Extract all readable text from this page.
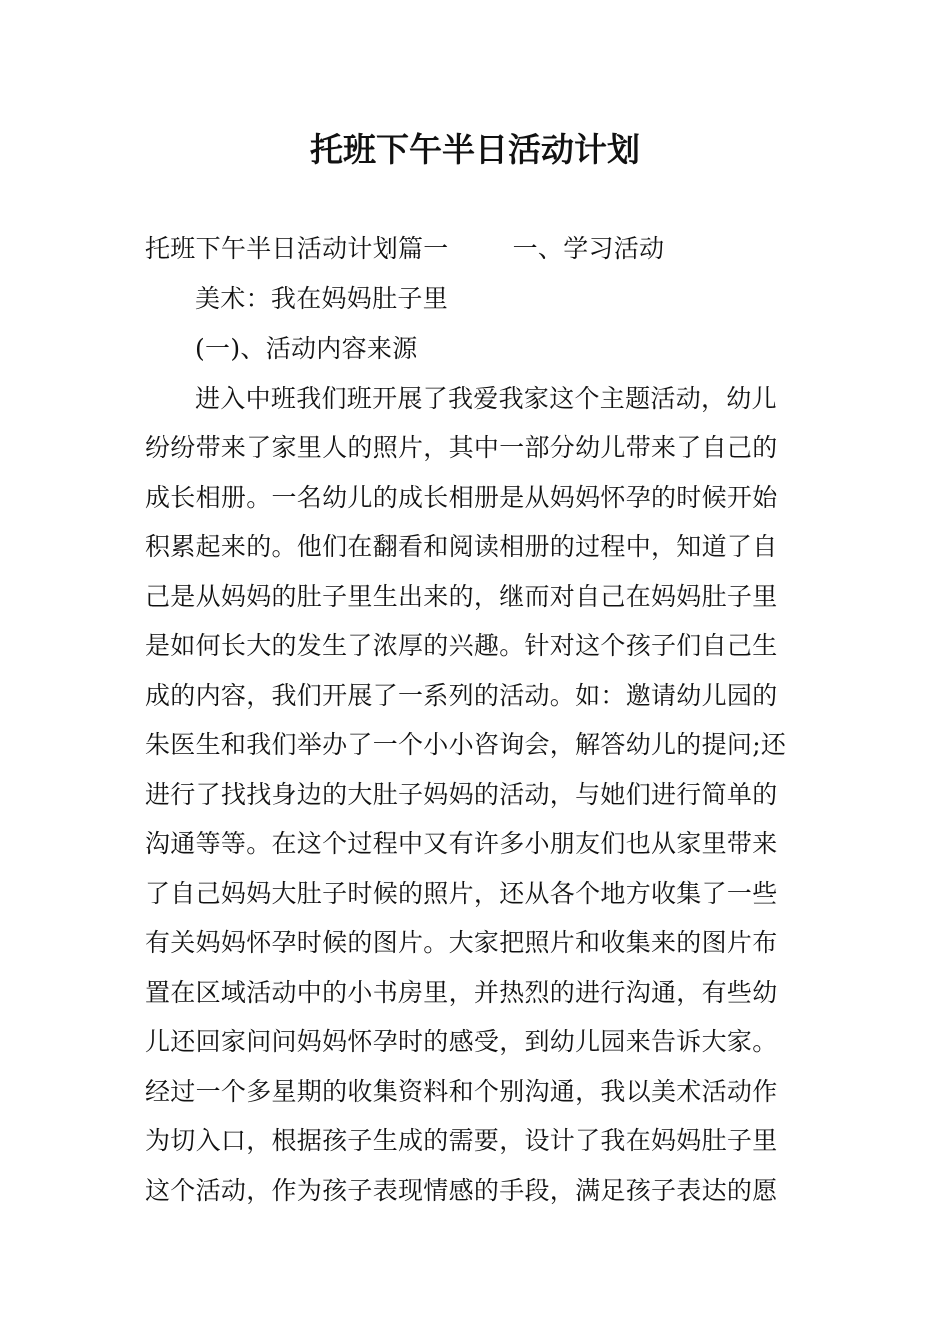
托班下午半日活动计划
托班下午半日活动计划篇一	一、学习活动
美术：我在妈妈肚子里
(一)、活动内容来源
进入中班我们班开展了我爱我家这个主题活动，幼儿
纷纷带来了家里人的照片，其中一部分幼儿带来了自己的
成长相册。一名幼儿的成长相册是从妈妈怀孕的时候开始
积累起来的。他们在翻看和阅读相册的过程中，知道了自
己是从妈妈的肚子里生出来的，继而对自己在妈妈肚子里
是如何长大的发生了浓厚的兴趣。针对这个孩子们自己生
成的内容，我们开展了一系列的活动。如：邀请幼儿园的
朱医生和我们举办了一个小小咨询会，解答幼儿的提问;还
进行了找找身边的大肚子妈妈的活动，与她们进行简单的
沟通等等。在这个过程中又有许多小朋友们也从家里带来
了自己妈妈大肚子时候的照片，还从各个地方收集了一些
有关妈妈怀孕时候的图片。大家把照片和收集来的图片布
置在区域活动中的小书房里，并热烈的进行沟通，有些幼
儿还回家问问妈妈怀孕时的感受，到幼儿园来告诉大家。
经过一个多星期的收集资料和个别沟通，我以美术活动作
为切入口，根据孩子生成的需要，设计了我在妈妈肚子里
这个活动，作为孩子表现情感的手段，满足孩子表达的愿
